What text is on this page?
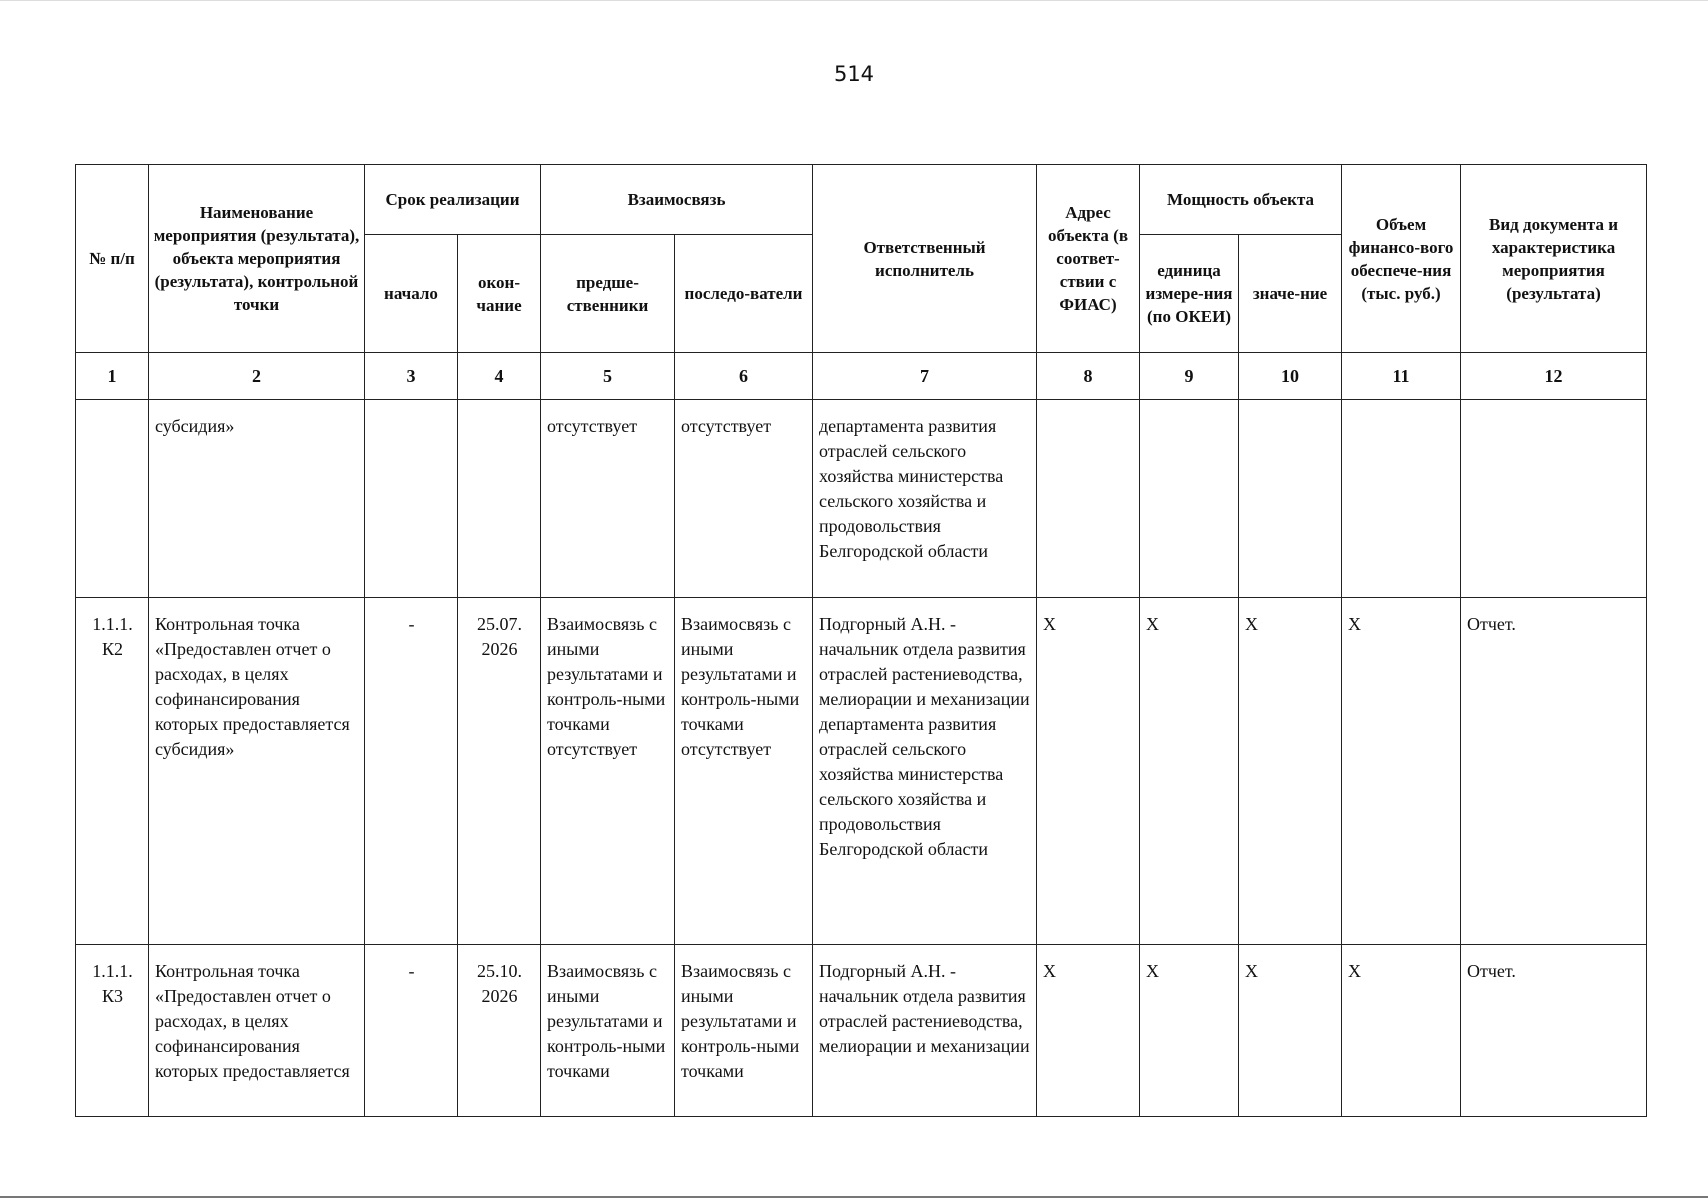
514
№ п/п	Наименование мероприятия (результата), объекта мероприятия (результата), контрольной точки	Срок реализации		Взаимосвязь		Ответственный исполнитель	Адрес объекта (в соответ-ствии с ФИАС)	Мощность объекта		Объем финансо-вого обеспече-ния (тыс. руб.)	Вид документа и характеристика мероприятия (результата)
		начало	окон-чание	предше-ственники	последо-ватели			единица измере-ния (по ОКЕИ)	значе-ние		
1	2	3	4	5	6	7	8	9	10	11	12
	субсидия»			отсутствует	отсутствует	департамента развития отраслей сельского хозяйства министерства сельского хозяйства и продовольствия Белгородской области					
1.1.1. К2	Контрольная точка «Предоставлен отчет о расходах, в целях софинансирования которых предоставляется субсидия»	-	25.07. 2026	Взаимосвязь с иными результатами и контроль-ными точками отсутствует	Взаимосвязь с иными результатами и контроль-ными точками отсутствует	Подгорный А.Н. - начальник отдела развития отраслей растениеводства, мелиорации и механизации департамента развития отраслей сельского хозяйства министерства сельского хозяйства и продовольствия Белгородской области	X	X	X	X	Отчет.
1.1.1. К3	Контрольная точка «Предоставлен отчет о расходах, в целях софинансирования которых предоставляется	-	25.10. 2026	Взаимосвязь с иными результатами и контроль-ными точками	Взаимосвязь с иными результатами и контроль-ными точками	Подгорный А.Н. - начальник отдела развития отраслей растениеводства, мелиорации и механизации	X	X	X	X	Отчет.
